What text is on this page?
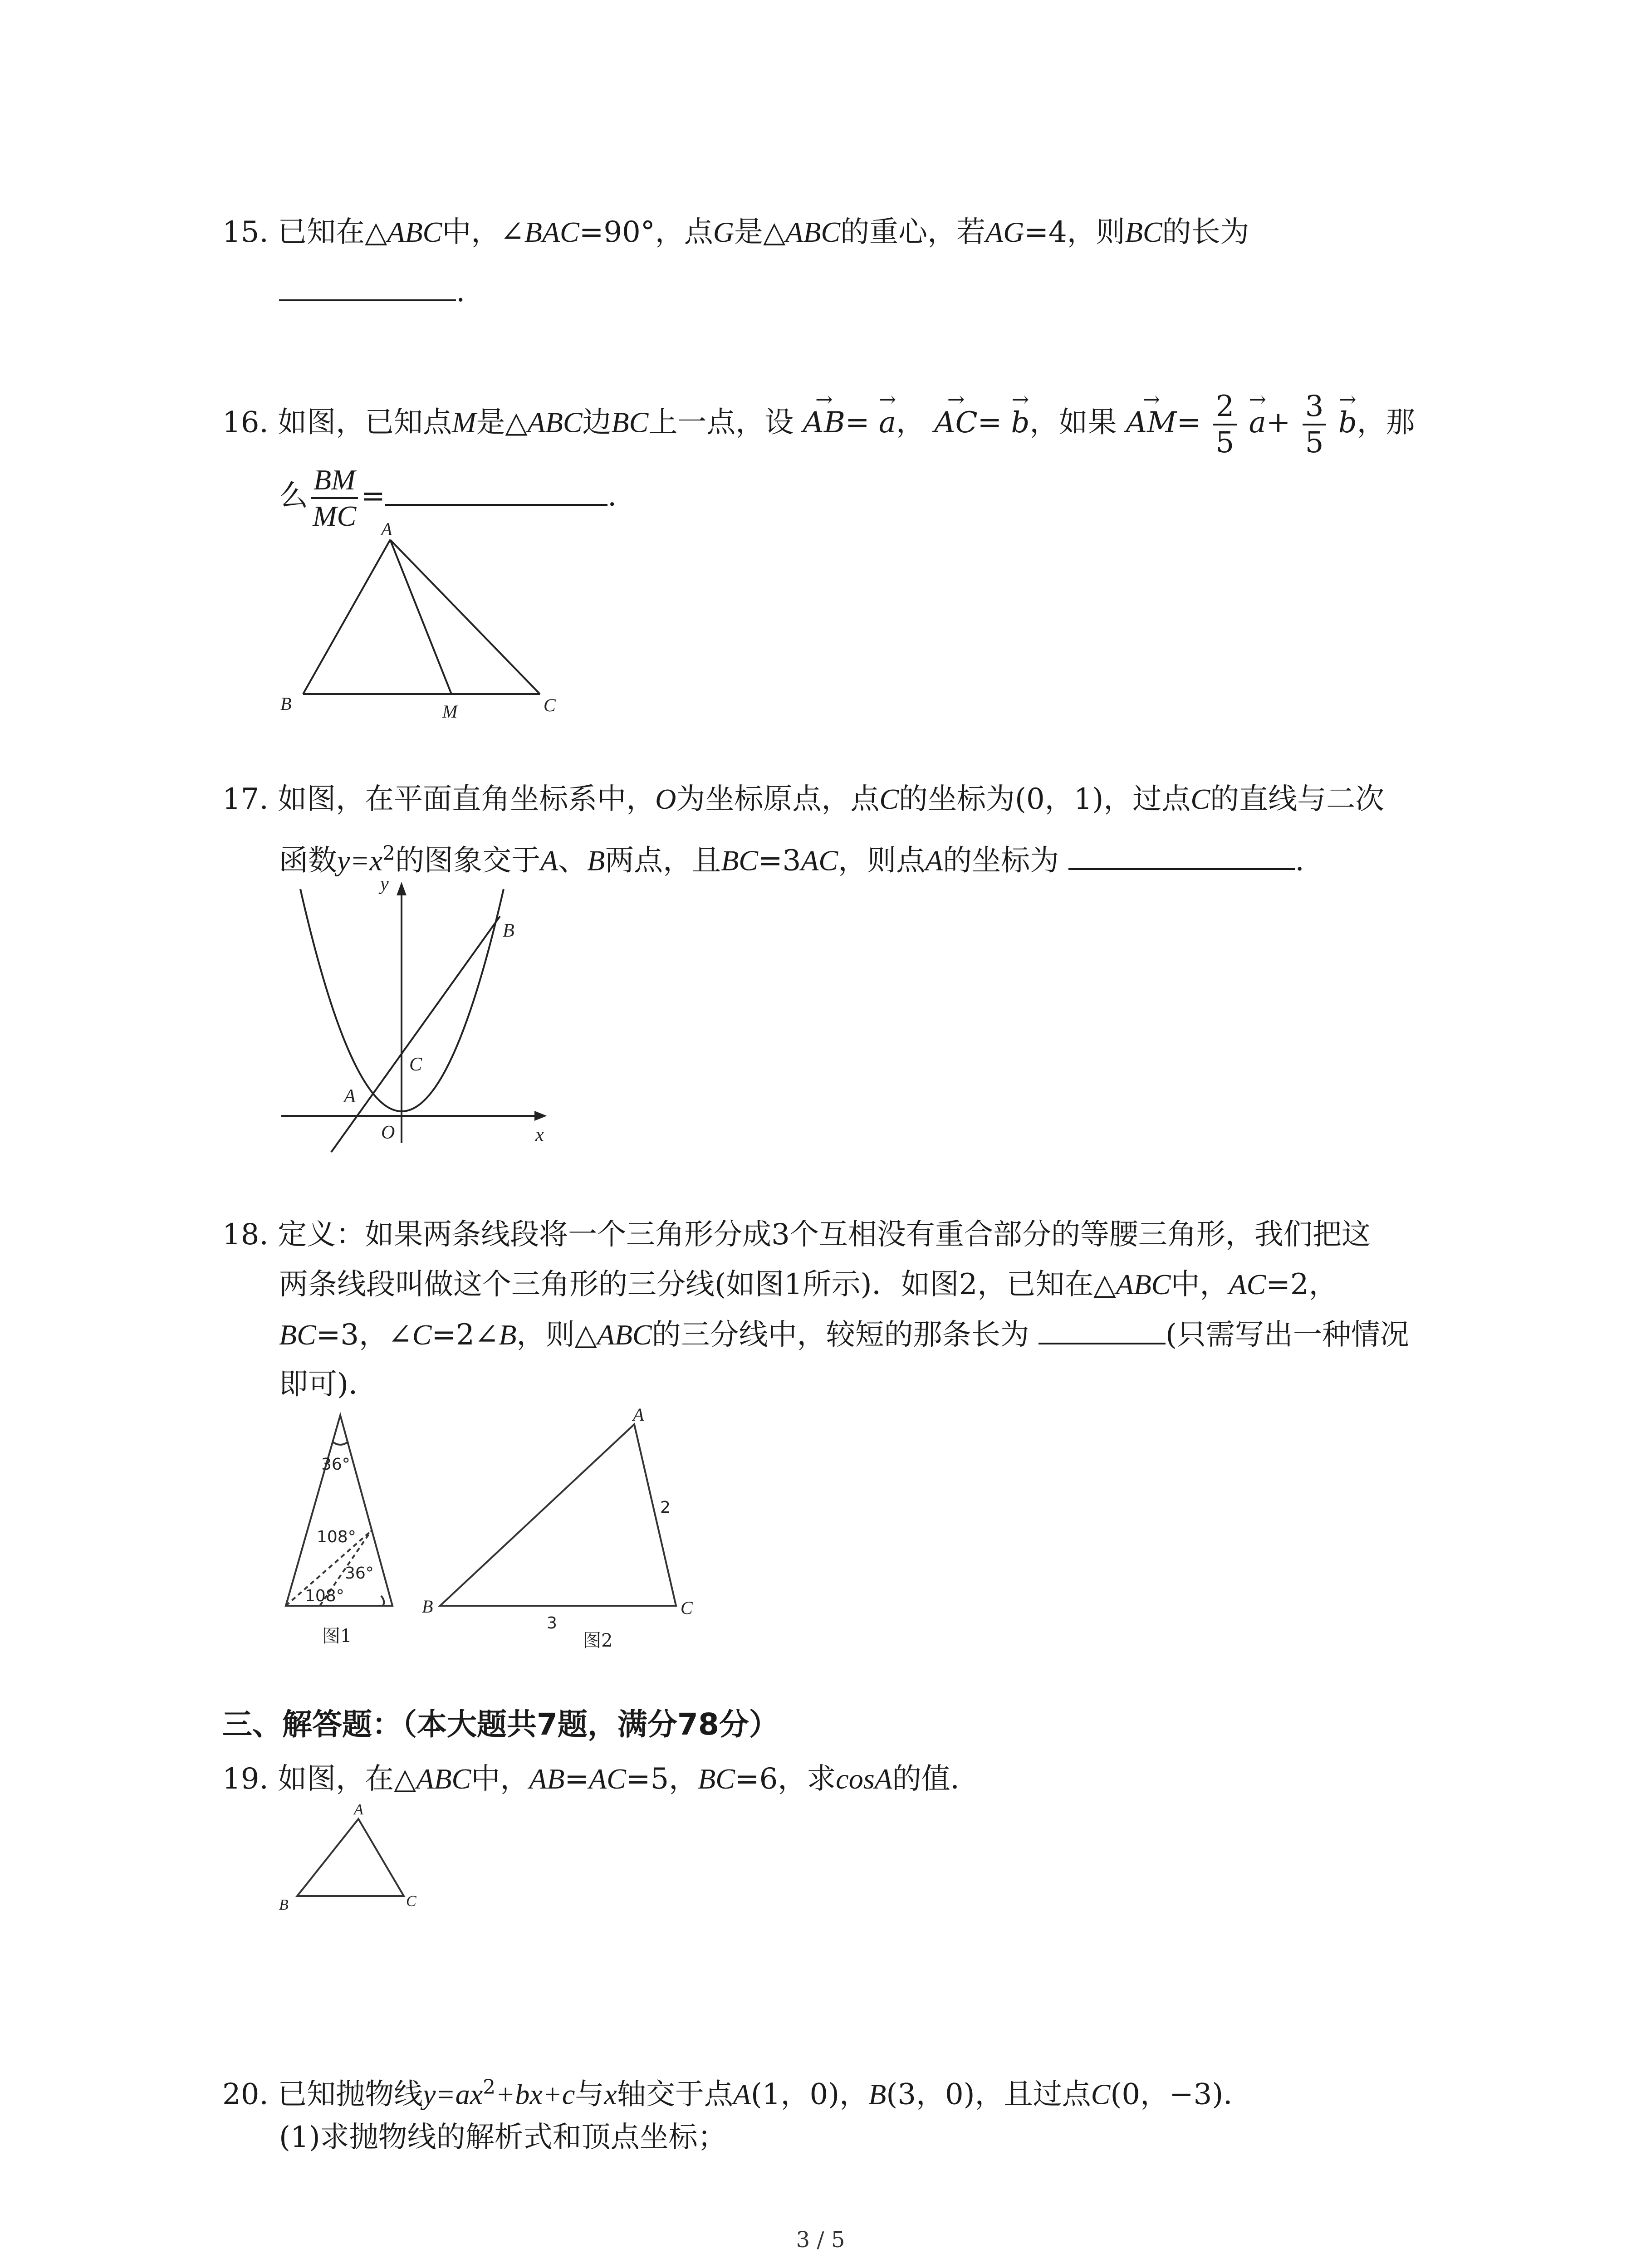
15. 已知在△ABC中，∠BAC=90°，点G是△ABC的重心，若AG=4，则BC的长为
.
16. 如图，已知点M是△ABC边BC上一点，设 → AB= → a， → AC= → b，如果 → $AM= \frac{2}{5}$
→ $a+ \frac{3}{5}$
→ b，那
么 $\frac{BM}{MC}$ =	.
A
B	M	C
17. 如图，在平面直角坐标系中，O为坐标原点，点C的坐标为(0，1)，过点C的直线与二次
函数$y=x^2$的图象交于A、B两点，且BC=3AC，则点A的坐标为	.
y
x
O
A
B
C
18. 定义：如果两条线段将一个三角形分成3个互相没有重合部分的等腰三角形，我们把这
两条线段叫做这个三角形的三分线(如图1所示)．如图2，已知在△ABC中，AC=2，
BC=3，∠C=2∠B，则△ABC的三分线中，较短的那条长为	(只需写出一种情况
即可)．
36°
108°
36°
108°
图1
A
B	C
2
3
图2
三、解答题：（本大题共7题，满分78分）
19. 如图，在△ABC中，AB=AC=5，BC=6，求cosA的值．
A
B	C
20. 已知抛物线$y=ax^2+bx+c$与x轴交于点A(1，0)，B(3，0)，且过点C(0，−3)．
(1)求抛物线的解析式和顶点坐标；
3 / 5
